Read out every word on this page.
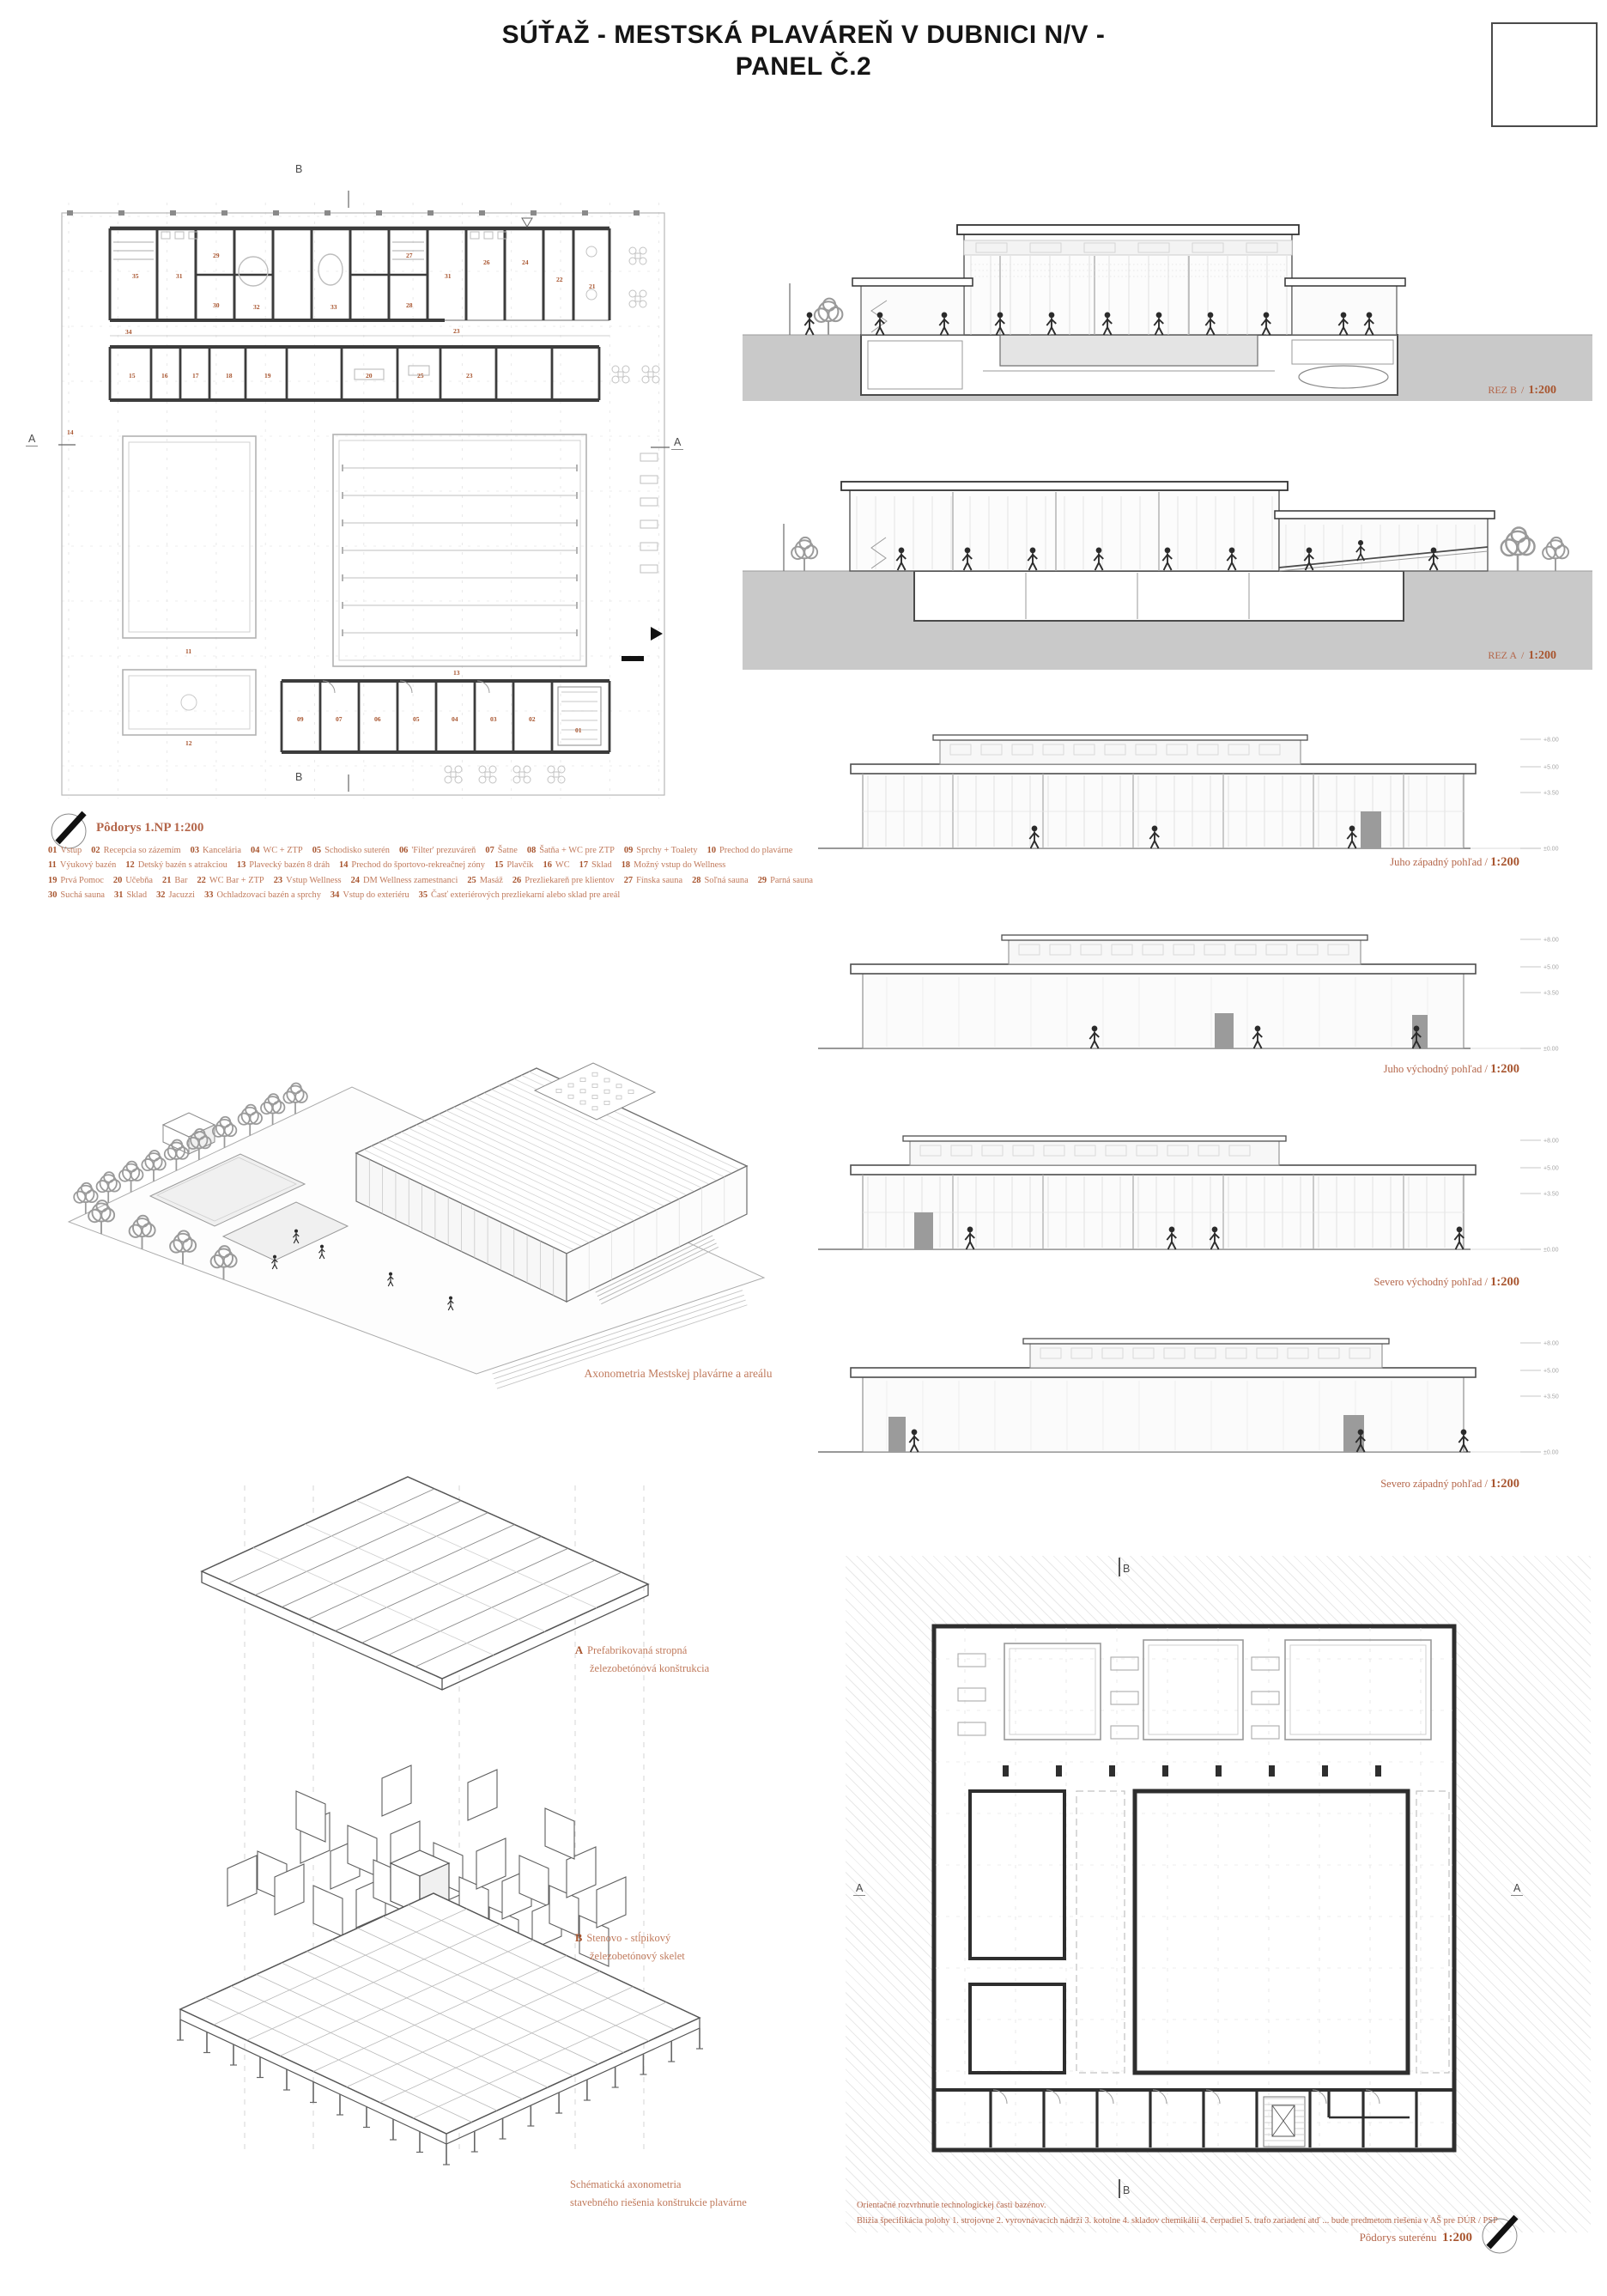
SÚŤAŽ - MESTSKÁ PLAVÁREŇ V DUBNICI N/V -
PANEL Č.2
35	31
29
30	32	33
27
28
31
26	24
22
21
23
34
15	16	17	18	19	20	25	23
14
11
12
13
09	07	06	05	04	03	02
01
B
B
A	A
Pôdorys 1.NP 1:200
01 Vstup 02 Recepcia so zázemím 03 Kancelária 04 WC + ZTP 05 Schodisko suterén 06 'Filter' prezuváreň 07 Šatne 08 Šatňa + WC pre ZTP 09 Sprchy + Toalety 10 Prechod do plavárne
11 Výukový bazén 12 Detský bazén s atrakciou 13 Plavecký bazén 8 dráh 14 Prechod do športovo-rekreačnej zóny 15 Plavčík 16 WC 17 Sklad 18 Možný vstup do Wellness
19 Prvá Pomoc 20 Učebňa 21 Bar 22 WC Bar + ZTP 23 Vstup Wellness 24 DM Wellness zamestnanci 25 Masáž 26 Prezliekareň pre klientov 27 Fínska sauna 28 Soľná sauna 29 Parná sauna
30 Suchá sauna 31 Sklad 32 Jacuzzi 33 Ochladzovací bazén a sprchy 34 Vstup do exteriéru 35 Časť exteriérových prezliekarní alebo sklad pre areál
REZ B / 1:200
REZ A / 1:200
+8.00
+5.00
+3.50
±0.00
Juho západný pohľad / 1:200
+8.00
+5.00
+3.50
±0.00
Juho východný pohľad / 1:200
+8.00
+5.00
+3.50
±0.00
Severo východný pohľad / 1:200
+8.00
+5.00
+3.50
±0.00
Severo západný pohľad / 1:200
Axonometria Mestskej plavárne a areálu
A Prefabrikovaná stropná
železobetónová konštrukcia
B Stenovo - stĺpikový
železobetónový skelet
Schématická axonometria
stavebného riešenia konštrukcie plavárne
B
B
A	A
Orientačné rozvrhnutie technologickej časti bazénov.
Bližia špecifikácia polohy 1. strojovne 2. vyrovnávacích nádrží 3. kotolne 4. skladov chemikálií 4. čerpadiel 5. trafo zariadení atď ... bude predmetom riešenia v AŠ pre DÚR / PSP
Pôdorys suterénu 1:200
